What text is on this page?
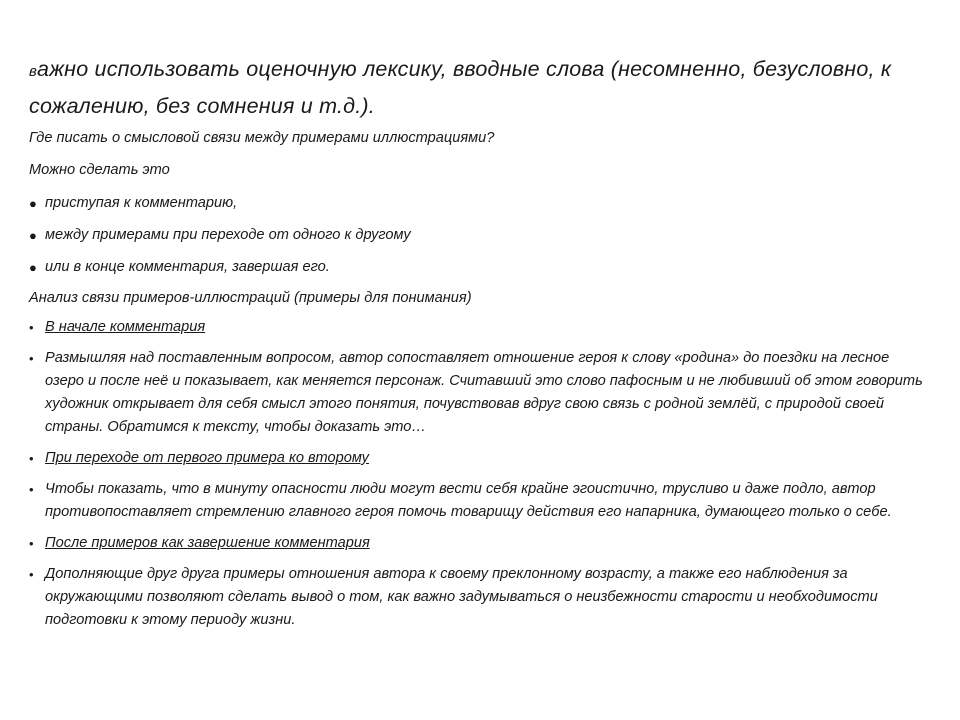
важно использовать оценочную лексику, вводные слова (несомненно, безусловно, к сожалению, без сомнения и т.д.).

Где писать о смысловой связи между примерами иллюстрациями?

Можно сделать это

● приступая к комментарию,
● между примерами при переходе от одного к другому
● или в конце комментария, завершая его.

Анализ связи примеров-иллюстраций (примеры для понимания)

• В начале комментария
• Размышляя над поставленным вопросом, автор сопоставляет отношение героя к слову «родина» до поездки на лесное озеро и после неё и показывает, как меняется персонаж. Считавший это слово пафосным и не любивший об этом говорить художник открывает для себя смысл этого понятия, почувствовав вдруг свою связь с родной землёй, с природой своей страны. Обратимся к тексту, чтобы доказать это…
• При переходе от первого примера ко второму
• Чтобы показать, что в минуту опасности люди могут вести себя крайне эгоистично, трусливо и даже подло, автор противопоставляет стремлению главного героя помочь товарищу действия его напарника, думающего только о себе.
• После примеров как завершение комментария
• Дополняющие друг друга примеры отношения автора к своему преклонному возрасту, а также его наблюдения за окружающими позволяют сделать вывод о том, как важно задумываться о неизбежности старости и необходимости подготовки к этому периоду жизни.
